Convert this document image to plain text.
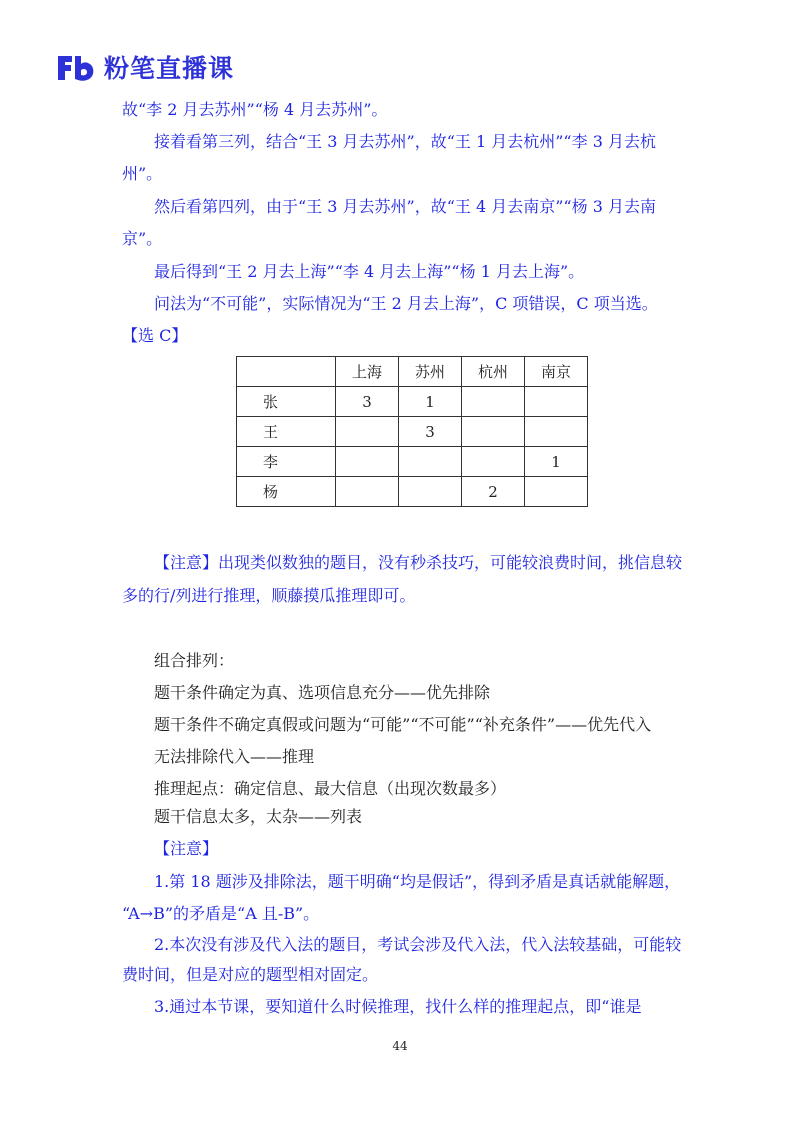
粉笔直播课
故“李 2 月去苏州”“杨 4 月去苏州”。
接着看第三列，结合“王 3 月去苏州”，故“王 1 月去杭州”“李 3 月去杭
州”。
然后看第四列，由于“王 3 月去苏州”，故“王 4 月去南京”“杨 3 月去南
京”。
最后得到“王 2 月去上海”“李 4 月去上海”“杨 1 月去上海”。
问法为“不可能”，实际情况为“王 2 月去上海”，C 项错误，C 项当选。
【选 C】
	上海	苏州	杭州	南京
张	3	1		
王		3		
李				1
杨			2	
【注意】出现类似数独的题目，没有秒杀技巧，可能较浪费时间，挑信息较
多的行/列进行推理，顺藤摸瓜推理即可。
组合排列：
题干条件确定为真、选项信息充分——优先排除
题干条件不确定真假或问题为“可能”“不可能”“补充条件”——优先代入
无法排除代入——推理
推理起点：确定信息、最大信息（出现次数最多）
题干信息太多，太杂——列表
【注意】
1.第 18 题涉及排除法，题干明确“均是假话”，得到矛盾是真话就能解题，
“A→B”的矛盾是“A 且-B”。
2.本次没有涉及代入法的题目，考试会涉及代入法，代入法较基础，可能较
费时间，但是对应的题型相对固定。
3.通过本节课，要知道什么时候推理，找什么样的推理起点，即“谁是
44
